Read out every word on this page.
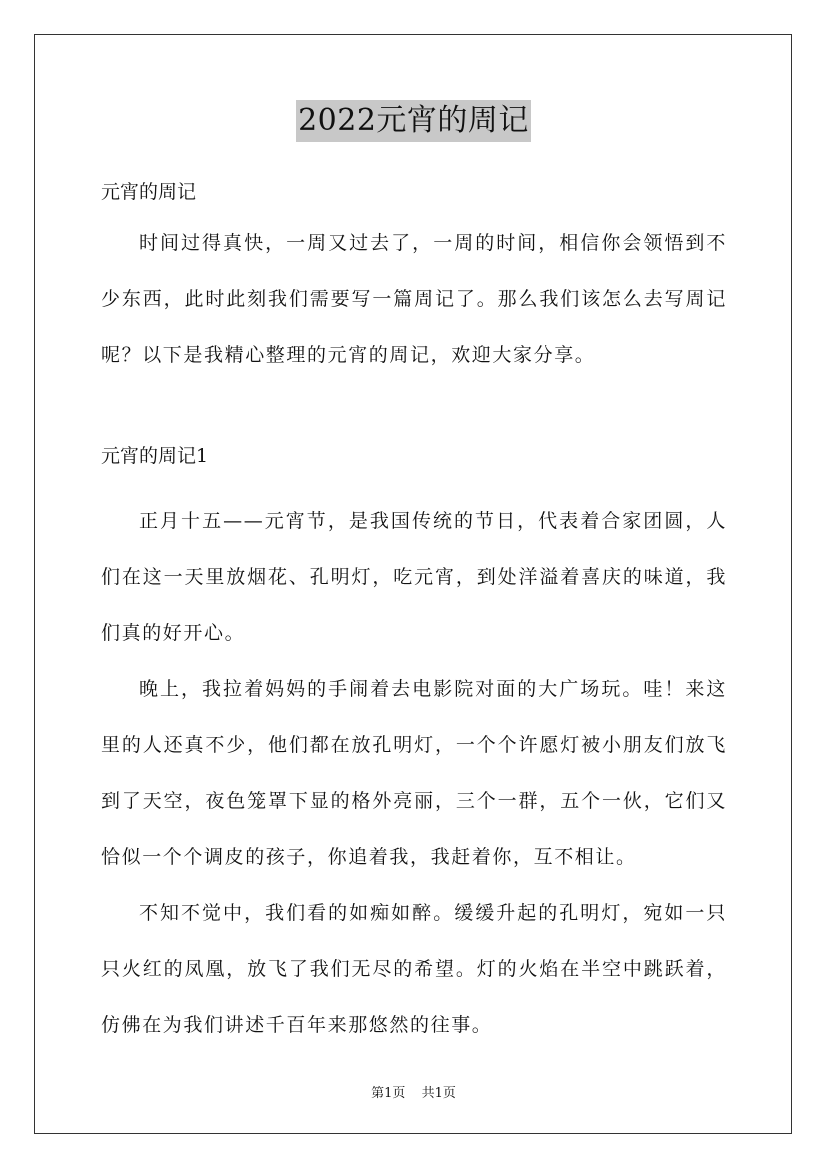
2022元宵的周记

元宵的周记

时间过得真快，一周又过去了，一周的时间，相信你会领悟到不少东西，此时此刻我们需要写一篇周记了。那么我们该怎么去写周记呢？以下是我精心整理的元宵的周记，欢迎大家分享。

元宵的周记1

正月十五——元宵节，是我国传统的节日，代表着合家团圆，人们在这一天里放烟花、孔明灯，吃元宵，到处洋溢着喜庆的味道，我们真的好开心。

晚上，我拉着妈妈的手闹着去电影院对面的大广场玩。哇！来这里的人还真不少，他们都在放孔明灯，一个个许愿灯被小朋友们放飞到了天空，夜色笼罩下显的格外亮丽，三个一群，五个一伙，它们又恰似一个个调皮的孩子，你追着我，我赶着你，互不相让。

不知不觉中，我们看的如痴如醉。缓缓升起的孔明灯，宛如一只只火红的凤凰，放飞了我们无尽的希望。灯的火焰在半空中跳跃着，仿佛在为我们讲述千百年来那悠然的往事。

第1页 共1页
